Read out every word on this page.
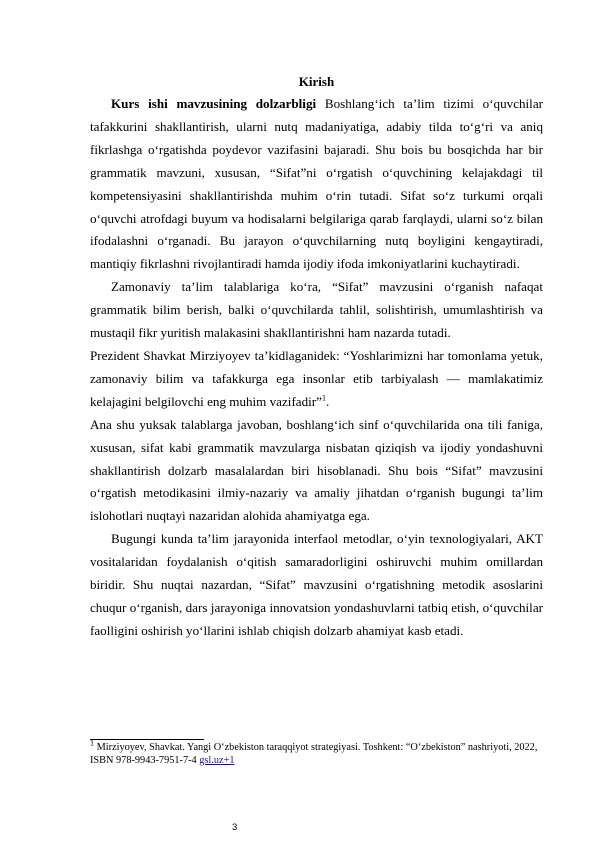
Kirish

Kurs ishi mavzusining dolzarbligi Boshlang‘ich ta’lim tizimi o‘quvchilar tafakkurini shakllantirish, ularni nutq madaniyatiga, adabiy tilda to‘g‘ri va aniq fikrlashga o‘rgatishda poydevor vazifasini bajaradi. Shu bois bu bosqichda har bir grammatik mavzuni, xususan, “Sifat”ni o‘rgatish o‘quvchining kelajakdagi til kompetensiyasini shakllantirishda muhim o‘rin tutadi. Sifat so‘z turkumi orqali o‘quvchi atrofdagi buyum va hodisalarni belgilariga qarab farqlaydi, ularni so‘z bilan ifodalashni o‘rganadi. Bu jarayon o‘quvchilarning nutq boyligini kengaytiradi, mantiqiy fikrlashni rivojlantiradi hamda ijodiy ifoda imkoniyatlarini kuchaytiradi.

Zamonaviy ta’lim talablariga ko‘ra, “Sifat” mavzusini o‘rganish nafaqat grammatik bilim berish, balki o‘quvchilarda tahlil, solishtirish, umumlashtirish va mustaqil fikr yuritish malakasini shakllantirishni ham nazarda tutadi.

Prezident Shavkat Mirziyoyev ta’kidlaganidek: “Yoshlarimizni har tomonlama yetuk, zamonaviy bilim va tafakkurga ega insonlar etib tarbiyalash — mamlakatimiz kelajagini belgilovchi eng muhim vazifadir”$^1$.

Ana shu yuksak talablarga javoban, boshlang‘ich sinf o‘quvchilarida ona tili faniga, xususan, sifat kabi grammatik mavzularga nisbatan qiziqish va ijodiy yondashuvni shakllantirish dolzarb masalalardan biri hisoblanadi. Shu bois “Sifat” mavzusini o‘rgatish metodikasini ilmiy-nazariy va amaliy jihatdan o‘rganish bugungi ta’lim islohotlari nuqtayi nazaridan alohida ahamiyatga ega.

Bugungi kunda ta’lim jarayonida interfaol metodlar, o‘yin texnologiyalari, AKT vositalaridan foydalanish o‘qitish samaradorligini oshiruvchi muhim omillardan biridir. Shu nuqtai nazardan, “Sifat” mavzusini o‘rgatishning metodik asoslarini chuqur o‘rganish, dars jarayoniga innovatsion yondashuvlarni tatbiq etish, o‘quvchilar faolligini oshirish yo‘llarini ishlab chiqish dolzarb ahamiyat kasb etadi.

$^1$ Mirziyoyev, Shavkat. Yangi O‘zbekiston taraqqiyot strategiyasi. Toshkent: “O‘zbekiston” nashriyoti, 2022, ISBN 978-9943-7951-7-4 gsl.uz+1

3
